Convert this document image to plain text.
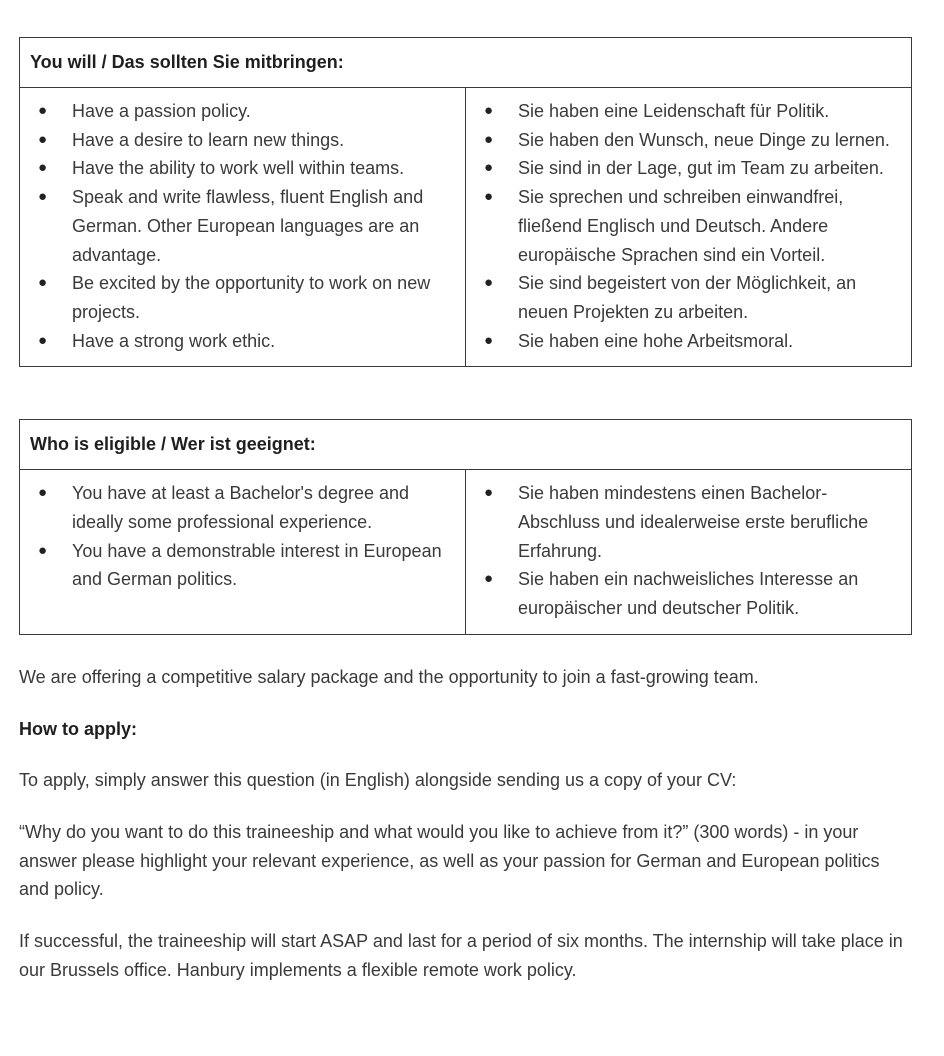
You will / Das sollten Sie mitbringen:

● Have a passion policy.
● Have a desire to learn new things.
● Have the ability to work well within teams.
● Speak and write flawless, fluent English and German. Other European languages are an advantage.
● Be excited by the opportunity to work on new projects.
● Have a strong work ethic.

● Sie haben eine Leidenschaft für Politik.
● Sie haben den Wunsch, neue Dinge zu lernen.
● Sie sind in der Lage, gut im Team zu arbeiten.
● Sie sprechen und schreiben einwandfrei, fließend Englisch und Deutsch. Andere europäische Sprachen sind ein Vorteil.
● Sie sind begeistert von der Möglichkeit, an neuen Projekten zu arbeiten.
● Sie haben eine hohe Arbeitsmoral.
Who is eligible / Wer ist geeignet:

● You have at least a Bachelor's degree and ideally some professional experience.
● You have a demonstrable interest in European and German politics.

● Sie haben mindestens einen Bachelor-Abschluss und idealerweise erste berufliche Erfahrung.
● Sie haben ein nachweisliches Interesse an europäischer und deutscher Politik.

We are offering a competitive salary package and the opportunity to join a fast-growing team.

How to apply:

To apply, simply answer this question (in English) alongside sending us a copy of your CV:

“Why do you want to do this traineeship and what would you like to achieve from it?” (300 words) - in your answer please highlight your relevant experience, as well as your passion for German and European politics and policy.

If successful, the traineeship will start ASAP and last for a period of six months. The internship will take place in our Brussels office. Hanbury implements a flexible remote work policy.
